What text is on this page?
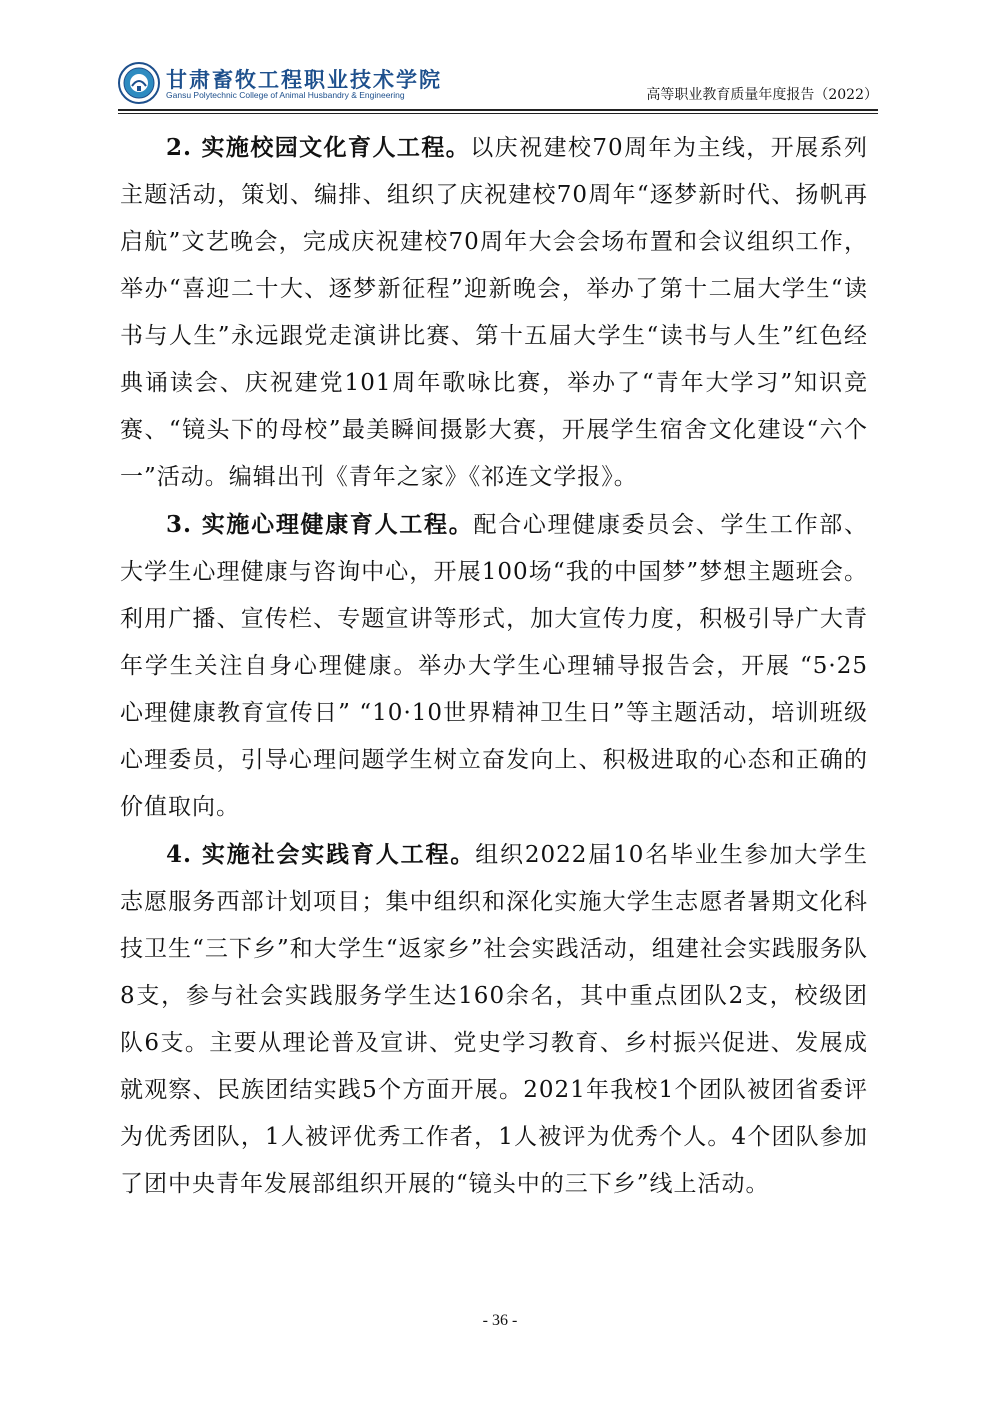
甘肃畜牧工程职业技术学院
Gansu Polytechnic College of Animal Husbandry & Engineering	高等职业教育质量年度报告（2022）

2. 实施校园文化育人工程。以庆祝建校70周年为主线，开展系列主题活动，策划、编排、组织了庆祝建校70周年“逐梦新时代、扬帆再启航”文艺晚会，完成庆祝建校70周年大会会场布置和会议组织工作，举办“喜迎二十大、逐梦新征程”迎新晚会，举办了第十二届大学生“读书与人生”永远跟党走演讲比赛、第十五届大学生“读书与人生”红色经典诵读会、庆祝建党101周年歌咏比赛，举办了“青年大学习”知识竞赛、“镜头下的母校”最美瞬间摄影大赛，开展学生宿舍文化建设“六个一”活动。编辑出刊《青年之家》《祁连文学报》。

3. 实施心理健康育人工程。配合心理健康委员会、学生工作部、大学生心理健康与咨询中心，开展100场“我的中国梦”梦想主题班会。利用广播、宣传栏、专题宣讲等形式，加大宣传力度，积极引导广大青年学生关注自身心理健康。举办大学生心理辅导报告会，开展 “5·25心理健康教育宣传日” “10·10世界精神卫生日”等主题活动，培训班级心理委员，引导心理问题学生树立奋发向上、积极进取的心态和正确的价值取向。

4. 实施社会实践育人工程。组织2022届10名毕业生参加大学生志愿服务西部计划项目；集中组织和深化实施大学生志愿者暑期文化科技卫生“三下乡”和大学生“返家乡”社会实践活动，组建社会实践服务队8支，参与社会实践服务学生达160余名，其中重点团队2支，校级团队6支。主要从理论普及宣讲、党史学习教育、乡村振兴促进、发展成就观察、民族团结实践5个方面开展。2021年我校1个团队被团省委评为优秀团队，1人被评优秀工作者，1人被评为优秀个人。4个团队参加了团中央青年发展部组织开展的“镜头中的三下乡”线上活动。

- 36 -
